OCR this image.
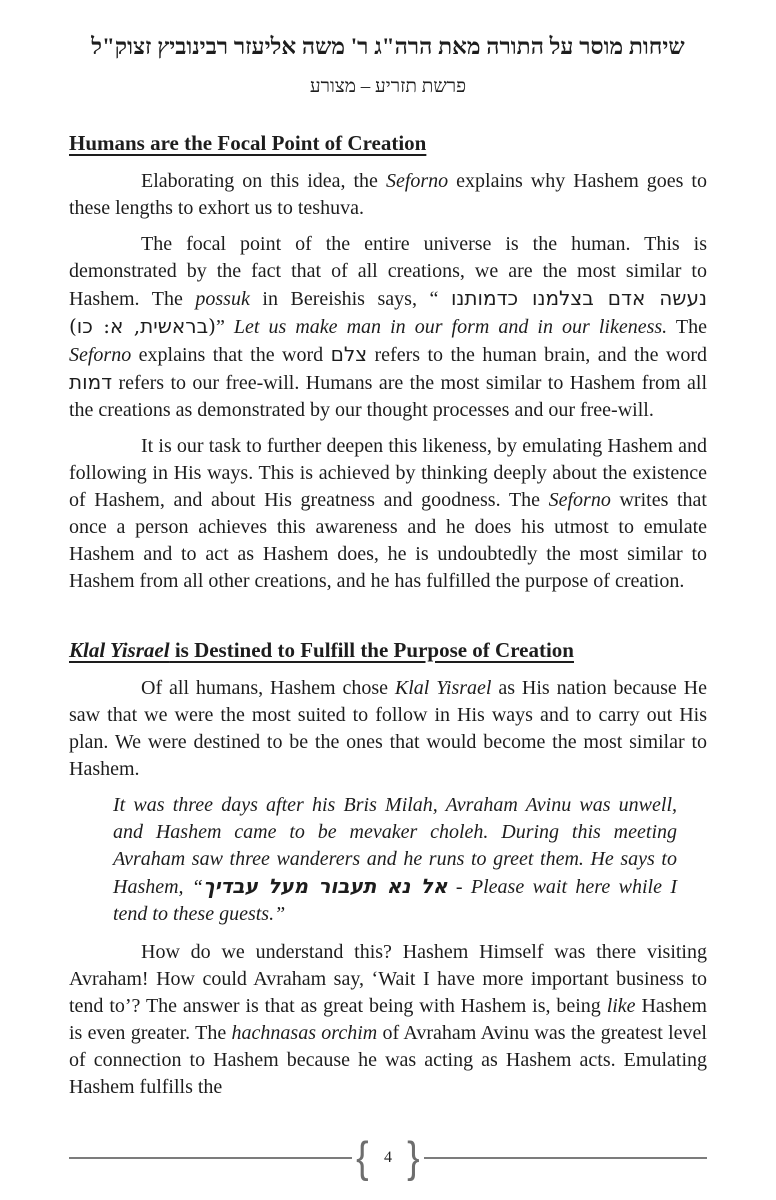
שיחות מוסר על התורה מאת הרה"ג ר' משה אליעזר רבינוביץ זצוק"ל
פרשת תזריע – מצורע
Humans are the Focal Point of Creation

Elaborating on this idea, the Seforno explains why Hashem goes to these lengths to exhort us to teshuva.

The focal point of the entire universe is the human. This is demonstrated by the fact that of all creations, we are the most similar to Hashem. The possuk in Bereishis says, “ נעשה אדם בצלמנו כדמותנו (בראשית, א: כו)” Let us make man in our form and in our likeness. The Seforno explains that the word צלם refers to the human brain, and the word דמות refers to our free-will. Humans are the most similar to Hashem from all the creations as demonstrated by our thought processes and our free-will.

It is our task to further deepen this likeness, by emulating Hashem and following in His ways. This is achieved by thinking deeply about the existence of Hashem, and about His greatness and goodness. The Seforno writes that once a person achieves this awareness and he does his utmost to emulate Hashem and to act as Hashem does, he is undoubtedly the most similar to Hashem from all other creations, and he has fulfilled the purpose of creation.

Klal Yisrael is Destined to Fulfill the Purpose of Creation

Of all humans, Hashem chose Klal Yisrael as His nation because He saw that we were the most suited to follow in His ways and to carry out His plan. We were destined to be the ones that would become the most similar to Hashem.

It was three days after his Bris Milah, Avraham Avinu was unwell, and Hashem came to be mevaker choleh. During this meeting Avraham saw three wanderers and he runs to greet them. He says to Hashem, “אל נא תעבור מעל עבדיך - Please wait here while I tend to these guests.”

How do we understand this? Hashem Himself was there visiting Avraham! How could Avraham say, ‘Wait I have more important business to tend to’? The answer is that as great being with Hashem is, being like Hashem is even greater. The hachnasas orchim of Avraham Avinu was the greatest level of connection to Hashem because he was acting as Hashem acts. Emulating Hashem fulfills the

{ 4 }
